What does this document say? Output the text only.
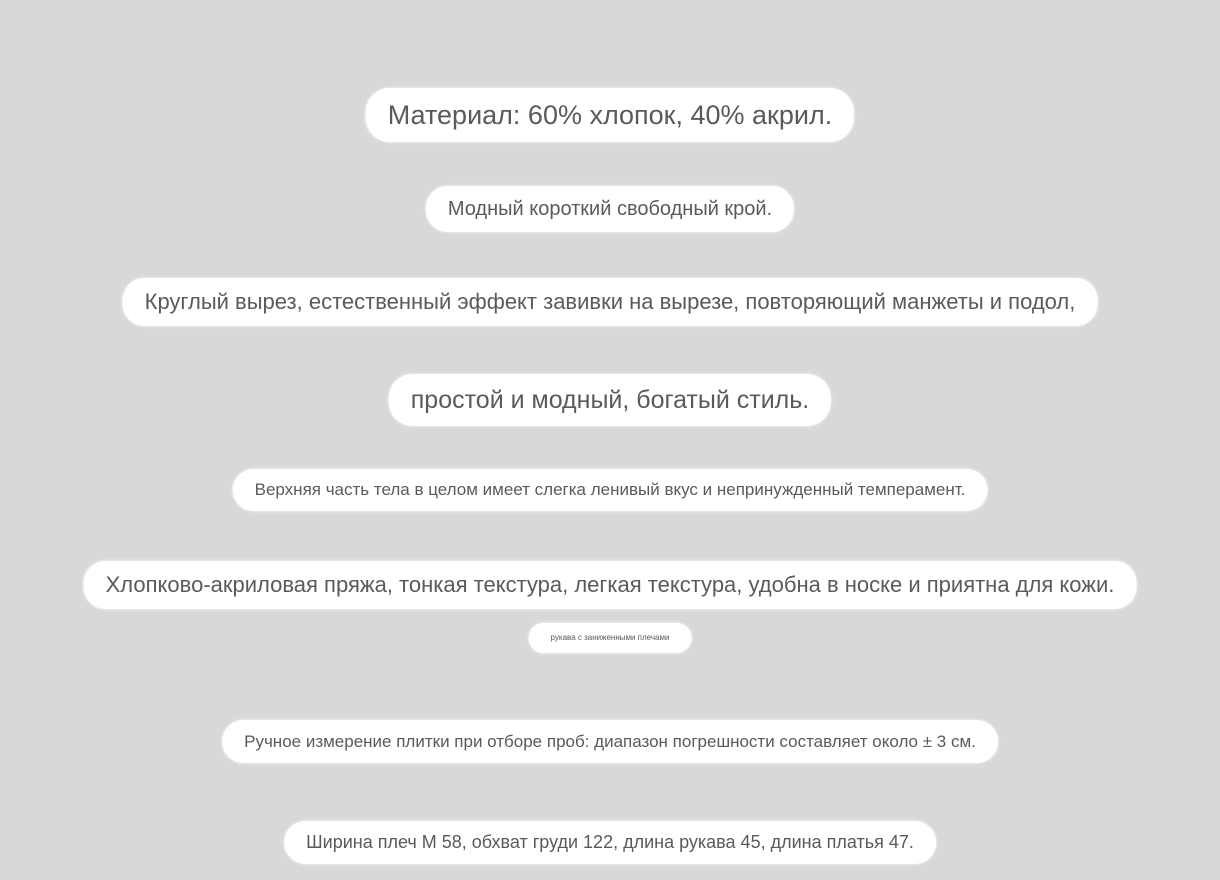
Материал: 60% хлопок, 40% акрил.
Модный короткий свободный крой.
Круглый вырез, естественный эффект завивки на вырезе, повторяющий манжеты и подол,
простой и модный, богатый стиль.
Верхняя часть тела в целом имеет слегка ленивый вкус и непринужденный темперамент.
Хлопково-акриловая пряжа, тонкая текстура, легкая текстура, удобна в носке и приятна для кожи.
рукава с заниженными плечами
Ручное измерение плитки при отборе проб: диапазон погрешности составляет около ± 3 см.
Ширина плеч M 58, обхват груди 122, длина рукава 45, длина платья 47.
